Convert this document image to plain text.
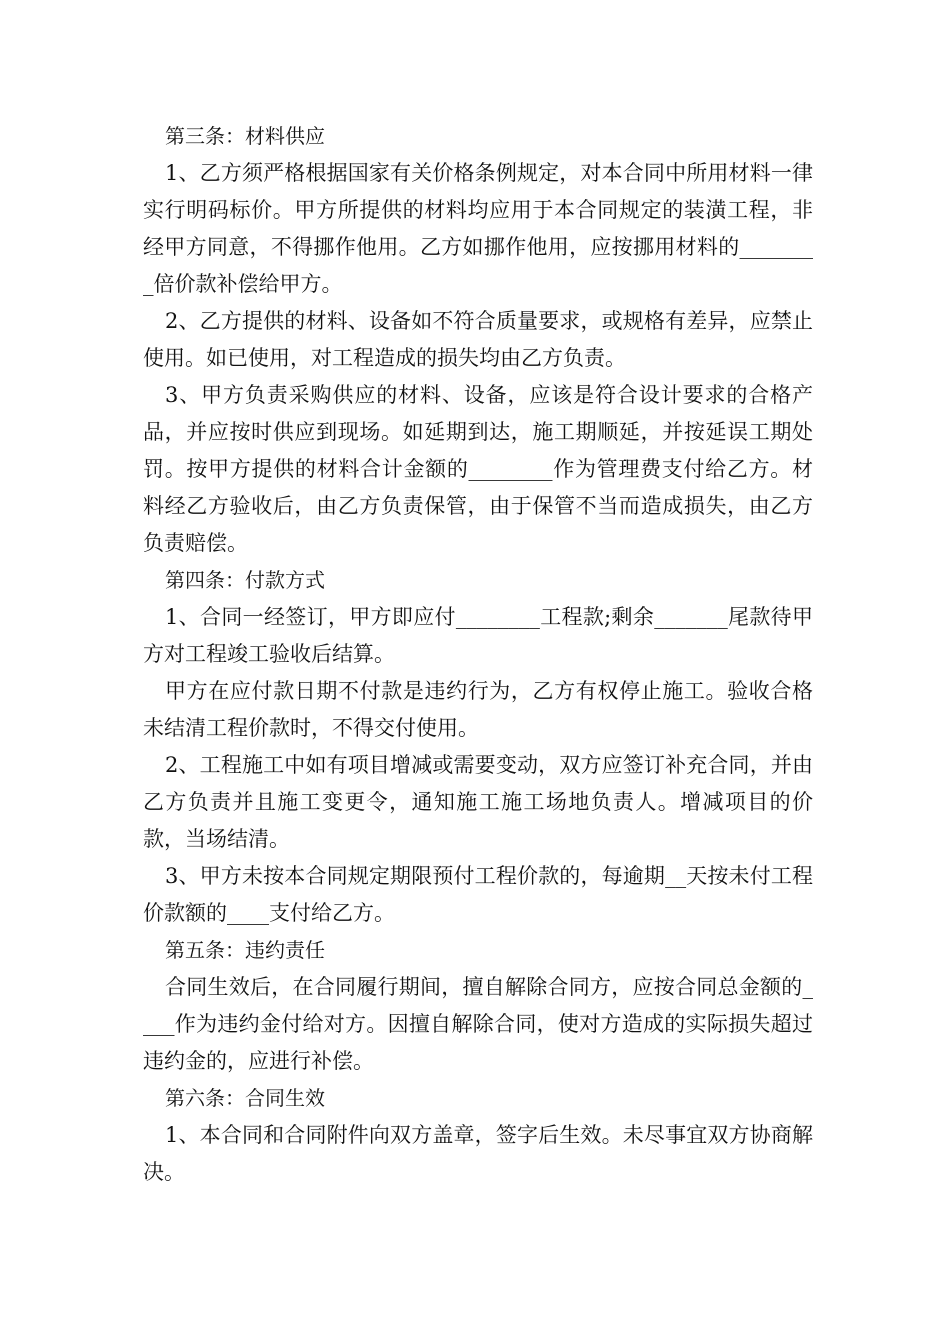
第三条：材料供应

1、乙方须严格根据国家有关价格条例规定，对本合同中所用材料一律实行明码标价。甲方所提供的材料均应用于本合同规定的装潢工程，非经甲方同意，不得挪作他用。乙方如挪作他用，应按挪用材料的________倍价款补偿给甲方。

2、乙方提供的材料、设备如不符合质量要求，或规格有差异，应禁止使用。如已使用，对工程造成的损失均由乙方负责。

3、甲方负责采购供应的材料、设备，应该是符合设计要求的合格产品，并应按时供应到现场。如延期到达，施工期顺延，并按延误工期处罚。按甲方提供的材料合计金额的________作为管理费支付给乙方。材料经乙方验收后，由乙方负责保管，由于保管不当而造成损失，由乙方负责赔偿。

第四条：付款方式

1、合同一经签订，甲方即应付________工程款;剩余_______尾款待甲方对工程竣工验收后结算。

甲方在应付款日期不付款是违约行为，乙方有权停止施工。验收合格未结清工程价款时，不得交付使用。

2、工程施工中如有项目增减或需要变动，双方应签订补充合同，并由乙方负责并且施工变更令，通知施工施工场地负责人。增减项目的价款，当场结清。

3、甲方未按本合同规定期限预付工程价款的，每逾期__天按未付工程价款额的____支付给乙方。

第五条：违约责任

合同生效后，在合同履行期间，擅自解除合同方，应按合同总金额的____作为违约金付给对方。因擅自解除合同，使对方造成的实际损失超过违约金的，应进行补偿。

第六条：合同生效

1、本合同和合同附件向双方盖章，签字后生效。未尽事宜双方协商解决。
